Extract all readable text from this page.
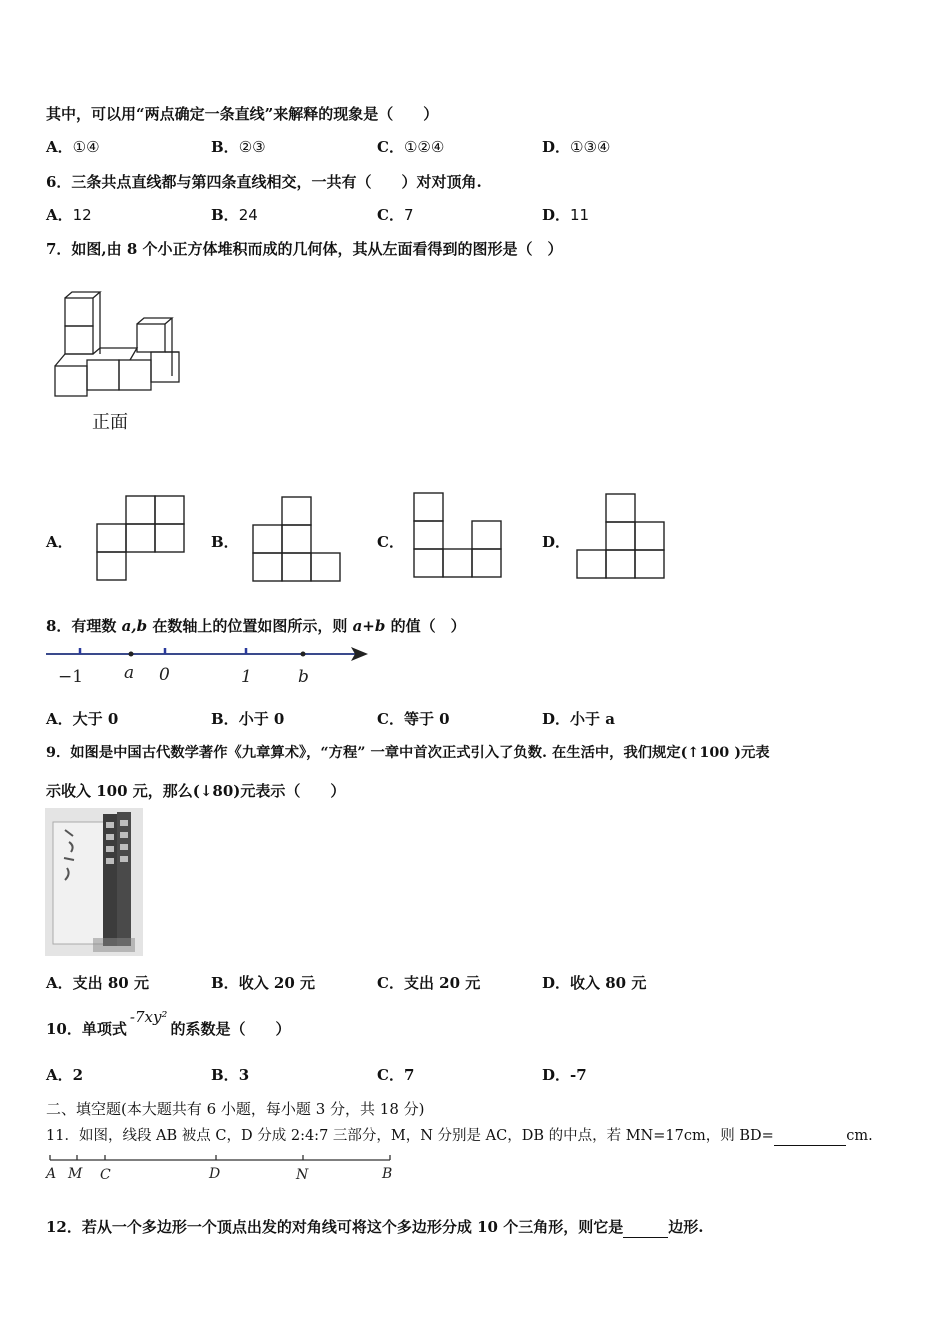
其中，可以用“两点确定一条直线”来解释的现象是（　　）
A．①④	B．②③	C．①②④	D．①③④
6．三条共点直线都与第四条直线相交，一共有（　　）对对顶角.
A．12	B．24	C．7	D．11
7．如图,由 8 个小正方体堆积而成的几何体，其从左面看得到的图形是（　）
正面
A．	B．	C．	D．
8．有理数 a,b 在数轴上的位置如图所示，则 a+b 的值（　）
−1 a 0	1	b
A．大于 0	B．小于 0	C．等于 0	D．小于 a
9．如图是中国古代数学著作《九章算术》，“方程” 一章中首次正式引入了负数. 在生活中，我们规定(↑100 )元表
示收入 100 元，那么(↓80)元表示（　　）
A．支出 80 元	B．收入 20 元	C．支出 20 元	D．收入 80 元
10．单项式-7xy²的系数是（　　）
A．2	B．3	C．7	D．-7
二、填空题(本大题共有 6 小题，每小题 3 分，共 18 分)
11．如图，线段 AB 被点 C，D 分成 2:4:7 三部分，M，N 分别是 AC，DB 的中点，若 MN=17cm，则 BD=　　　　　	cm.
A M C	D	N	B
12．若从一个多边形一个顶点出发的对角线可将这个多边形分成 10 个三角形，则它是　　　	边形.
